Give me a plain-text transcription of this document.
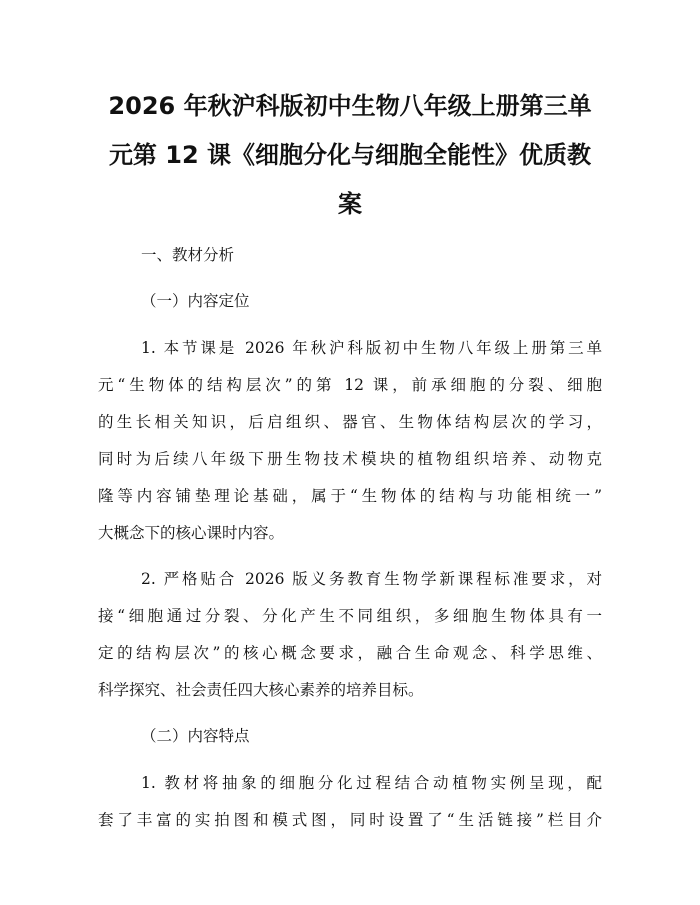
2026 年秋沪科版初中生物八年级上册第三单
元第 12 课《细胞分化与细胞全能性》优质教
案

一、教材分析

（一）内容定位

1. 本节课是 2026 年秋沪科版初中生物八年级上册第三单

元“生物体的结构层次”的第 12 课，前承细胞的分裂、细胞

的生长相关知识，后启组织、器官、生物体结构层次的学习，

同时为后续八年级下册生物技术模块的植物组织培养、动物克

隆等内容铺垫理论基础，属于“生物体的结构与功能相统一”

大概念下的核心课时内容。

2. 严格贴合 2026 版义务教育生物学新课程标准要求，对

接“细胞通过分裂、分化产生不同组织，多细胞生物体具有一

定的结构层次”的核心概念要求，融合生命观念、科学思维、

科学探究、社会责任四大核心素养的培养目标。

（二）内容特点

1. 教材将抽象的细胞分化过程结合动植物实例呈现，配

套了丰富的实拍图和模式图，同时设置了“生活链接”栏目介
